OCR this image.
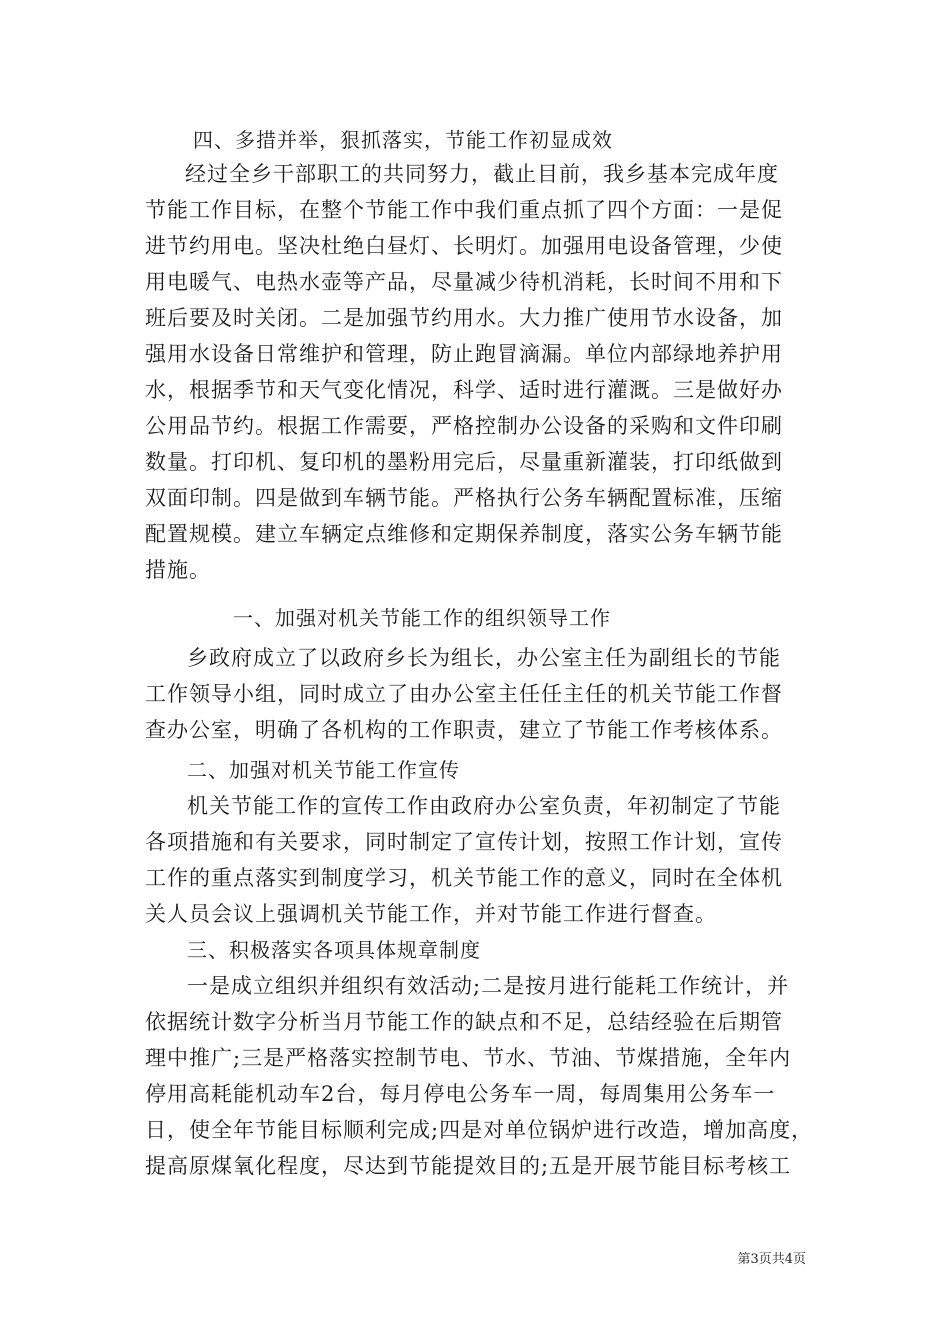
四、多措并举，狠抓落实，节能工作初显成效
经过全乡干部职工的共同努力，截止目前，我乡基本完成年度
节能工作目标，在整个节能工作中我们重点抓了四个方面：一是促
进节约用电。坚决杜绝白昼灯、长明灯。加强用电设备管理，少使
用电暖气、电热水壶等产品，尽量减少待机消耗，长时间不用和下
班后要及时关闭。二是加强节约用水。大力推广使用节水设备，加
强用水设备日常维护和管理，防止跑冒滴漏。单位内部绿地养护用
水，根据季节和天气变化情况，科学、适时进行灌溉。三是做好办
公用品节约。根据工作需要，严格控制办公设备的采购和文件印刷
数量。打印机、复印机的墨粉用完后，尽量重新灌装，打印纸做到
双面印制。四是做到车辆节能。严格执行公务车辆配置标准，压缩
配置规模。建立车辆定点维修和定期保养制度，落实公务车辆节能
措施。
一、加强对机关节能工作的组织领导工作
乡政府成立了以政府乡长为组长，办公室主任为副组长的节能
工作领导小组，同时成立了由办公室主任任主任的机关节能工作督
查办公室，明确了各机构的工作职责，建立了节能工作考核体系。
二、加强对机关节能工作宣传
机关节能工作的宣传工作由政府办公室负责，年初制定了节能
各项措施和有关要求，同时制定了宣传计划，按照工作计划，宣传
工作的重点落实到制度学习，机关节能工作的意义，同时在全体机
关人员会议上强调机关节能工作，并对节能工作进行督查。
三、积极落实各项具体规章制度
一是成立组织并组织有效活动;二是按月进行能耗工作统计，并
依据统计数字分析当月节能工作的缺点和不足，总结经验在后期管
理中推广;三是严格落实控制节电、节水、节油、节煤措施，全年内
停用高耗能机动车2台，每月停电公务车一周，每周集用公务车一
日，使全年节能目标顺利完成;四是对单位锅炉进行改造，增加高度，
提高原煤氧化程度，尽达到节能提效目的;五是开展节能目标考核工
第3页共4页
